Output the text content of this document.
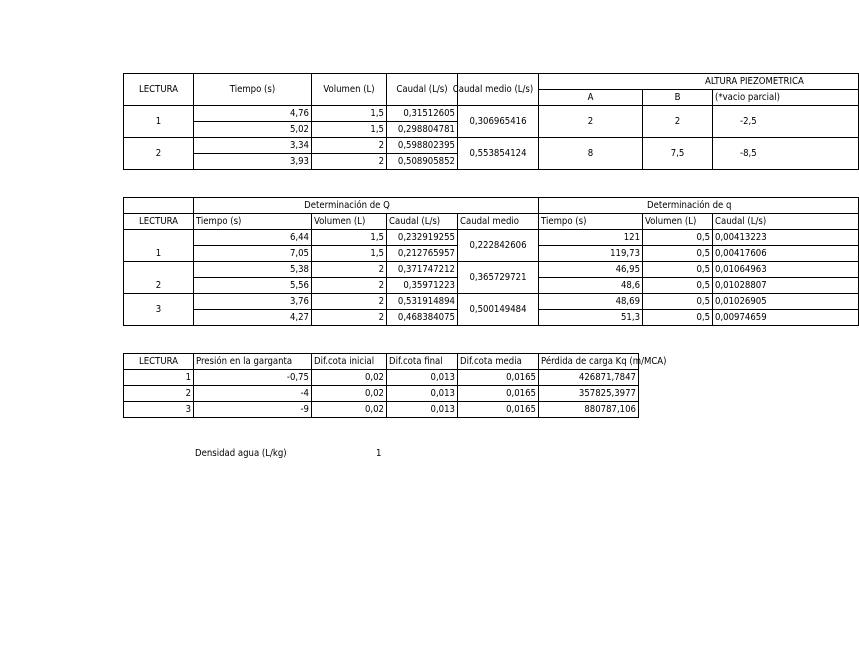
LECTURA	Tiempo (s)	Volumen (L)	Caudal (L/s)	Caudal medio (L/s)	ALTURA PIEZOMETRICA		
					A	B	(*vacio parcial)
1	4,76	1,5	0,31512605	0,306965416	2	2	-2,5
	5,02	1,5	0,298804781				
2	3,34	2	0,598802395	0,553854124	8	7,5	-8,5
	3,93	2	0,508905852				
	Determinación de Q				Determinación de q		
LECTURA	Tiempo (s)	Volumen (L)	Caudal (L/s)	Caudal medio	Tiempo (s)	Volumen (L)	Caudal (L/s)
1	6,44	1,5	0,232919255	0,222842606	121	0,5	0,00413223
	7,05	1,5	0,212765957		119,73	0,5	0,00417606
2	5,38	2	0,371747212	0,365729721	46,95	0,5	0,01064963
	5,56	2	0,35971223		48,6	0,5	0,01028807
3	3,76	2	0,531914894	0,500149484	48,69	0,5	0,01026905
	4,27	2	0,468384075		51,3	0,5	0,00974659
LECTURA	Presión en la garganta	Dif.cota inicial	Dif.cota final	Dif.cota media	Pérdida de carga Kq (m/MCA)
1	-0,75	0,02	0,013	0,0165	426871,7847
2	-4	0,02	0,013	0,0165	357825,3977
3	-9	0,02	0,013	0,0165	880787,106
Densidad agua (L/kg)	1
